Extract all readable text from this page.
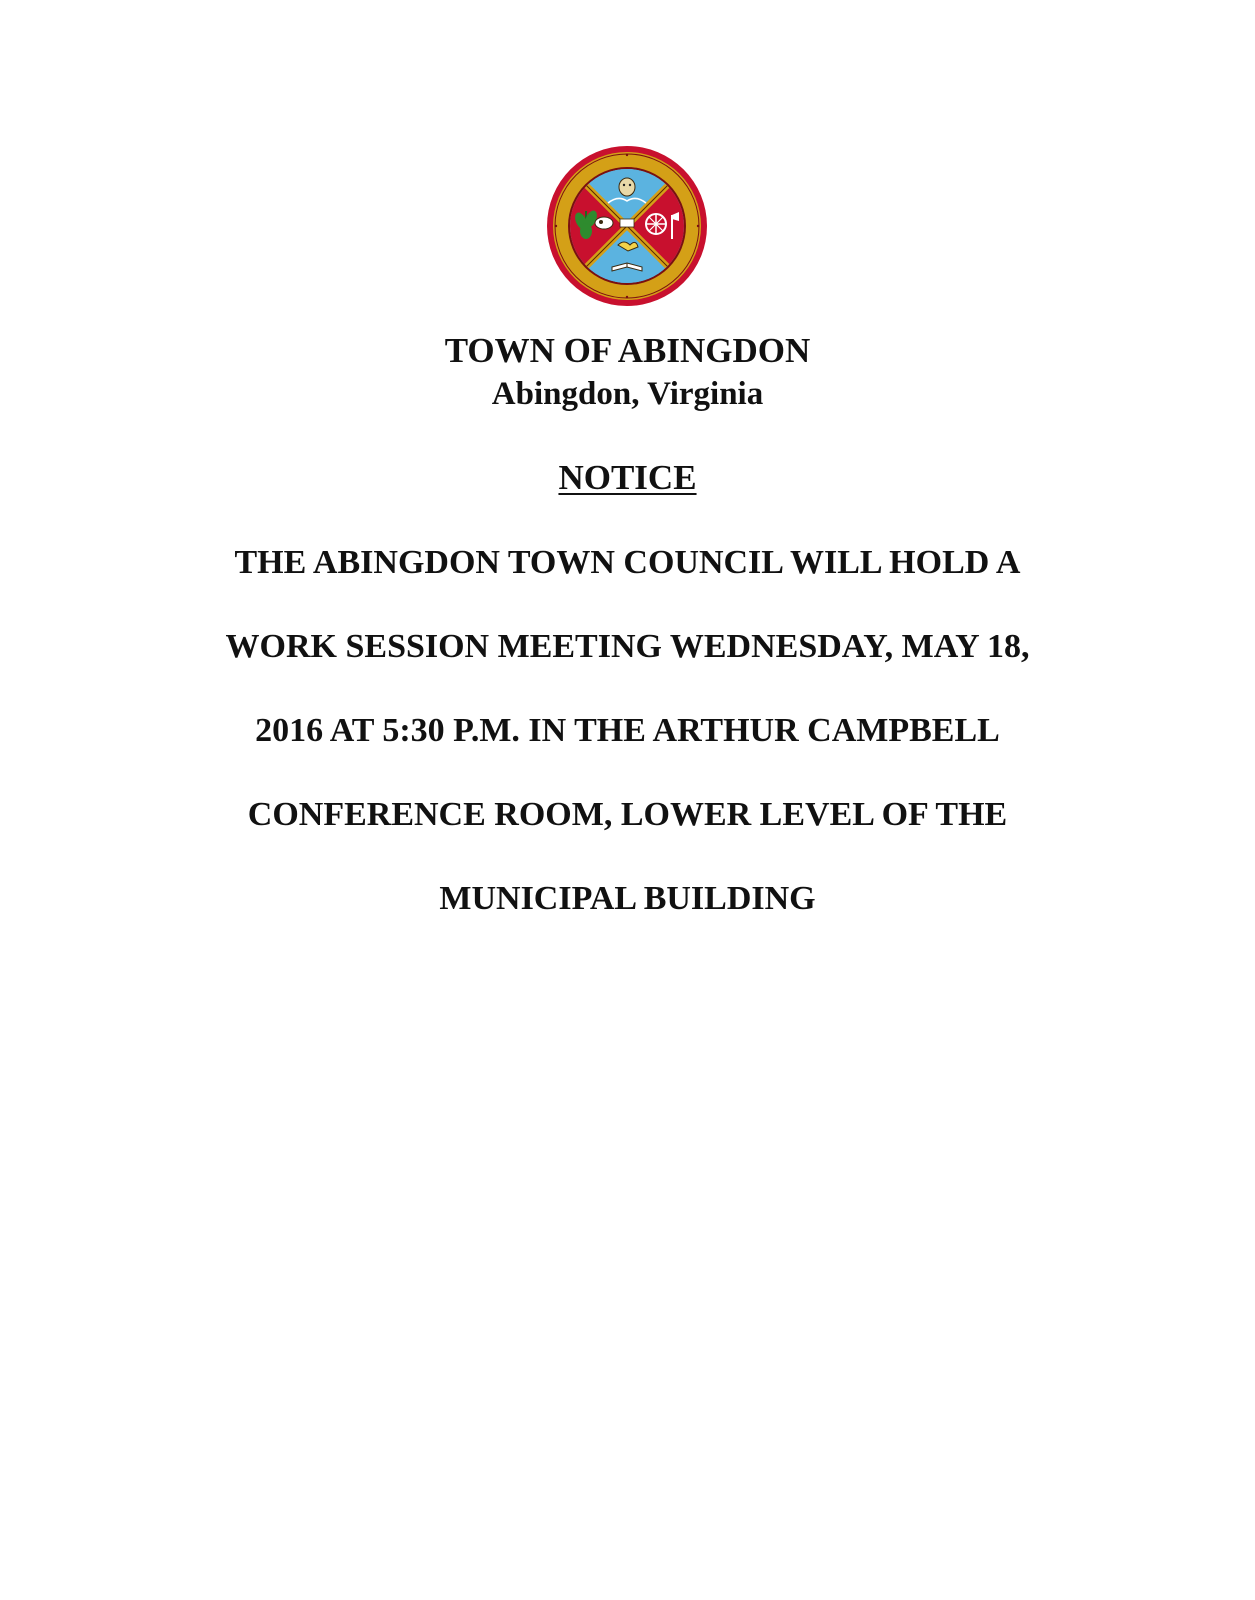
TOWN OF ABINGDON
Abingdon, Virginia
NOTICE
THE ABINGDON TOWN COUNCIL WILL HOLD A
WORK SESSION MEETING WEDNESDAY, MAY 18,
2016 AT 5:30 P.M. IN THE ARTHUR CAMPBELL
CONFERENCE ROOM, LOWER LEVEL OF THE
MUNICIPAL BUILDING
